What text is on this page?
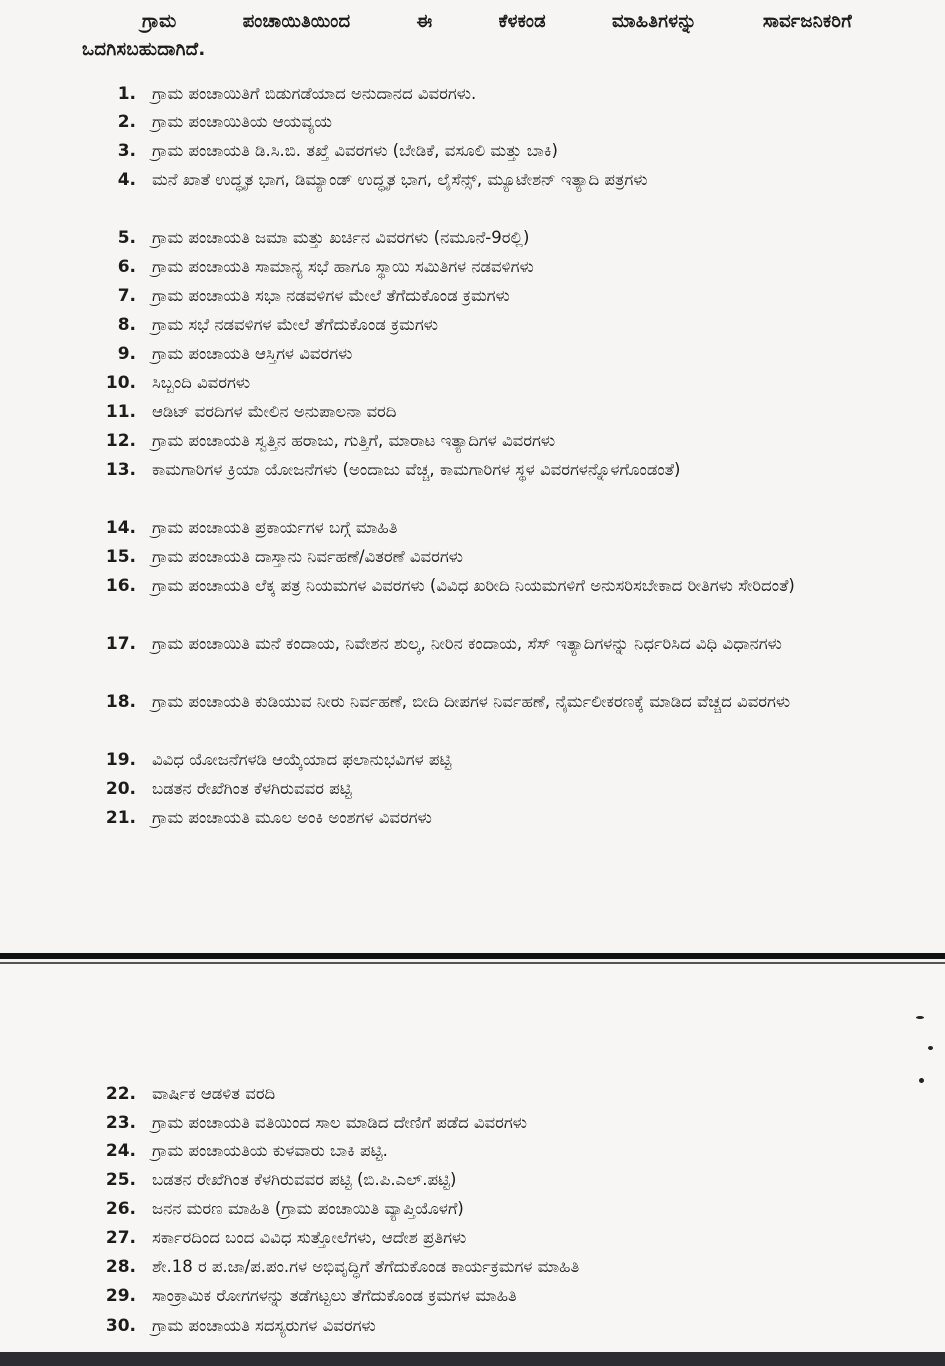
ಗ್ರಾಮ ಪಂಚಾಯಿತಿಯಿಂದ ಈ ಕೆಳಕಂಡ ಮಾಹಿತಿಗಳನ್ನು ಸಾರ್ವಜನಿಕರಿಗೆ
ಒದಗಿಸಬಹುದಾಗಿದೆ.
1. ಗ್ರಾಮ ಪಂಚಾಯಿತಿಗೆ ಬಿಡುಗಡೆಯಾದ ಅನುದಾನದ ವಿವರಗಳು.
2. ಗ್ರಾಮ ಪಂಚಾಯಿತಿಯ ಆಯವ್ಯಯ
3. ಗ್ರಾಮ ಪಂಚಾಯತಿ ಡಿ.ಸಿ.ಬಿ. ತಖ್ತೆ ವಿವರಗಳು (ಬೇಡಿಕೆ, ವಸೂಲಿ ಮತ್ತು ಬಾಕಿ)
4. ಮನೆ ಖಾತೆ ಉದ್ಧೃತ ಭಾಗ, ಡಿಮ್ಯಾಂಡ್ ಉದ್ಧೃತ ಭಾಗ, ಲೈಸೆನ್ಸ್, ಮ್ಯೂಟೇಶನ್ ಇತ್ಯಾದಿ ಪತ್ರಗಳು
5. ಗ್ರಾಮ ಪಂಚಾಯತಿ ಜಮಾ ಮತ್ತು ಖರ್ಚಿನ ವಿವರಗಳು (ನಮೂನೆ-9ರಲ್ಲಿ)
6. ಗ್ರಾಮ ಪಂಚಾಯತಿ ಸಾಮಾನ್ಯ ಸಭೆ ಹಾಗೂ ಸ್ಥಾಯಿ ಸಮಿತಿಗಳ ನಡವಳಿಗಳು
7. ಗ್ರಾಮ ಪಂಚಾಯತಿ ಸಭಾ ನಡವಳಿಗಳ ಮೇಲೆ ತೆಗೆದುಕೊಂಡ ಕ್ರಮಗಳು
8. ಗ್ರಾಮ ಸಭೆ ನಡವಳಿಗಳ ಮೇಲೆ ತೆಗೆದುಕೊಂಡ ಕ್ರಮಗಳು
9. ಗ್ರಾಮ ಪಂಚಾಯತಿ ಆಸ್ತಿಗಳ ವಿವರಗಳು
10. ಸಿಬ್ಬಂದಿ ವಿವರಗಳು
11. ಆಡಿಟ್ ವರದಿಗಳ ಮೇಲಿನ ಅನುಪಾಲನಾ ವರದಿ
12. ಗ್ರಾಮ ಪಂಚಾಯತಿ ಸ್ವತ್ತಿನ ಹರಾಜು, ಗುತ್ತಿಗೆ, ಮಾರಾಟ ಇತ್ಯಾದಿಗಳ ವಿವರಗಳು
13. ಕಾಮಗಾರಿಗಳ ಕ್ರಿಯಾ ಯೋಜನೆಗಳು (ಅಂದಾಜು ವೆಚ್ಚ, ಕಾಮಗಾರಿಗಳ ಸ್ಥಳ ವಿವರಗಳನ್ನೊಳಗೊಂಡಂತೆ)
14. ಗ್ರಾಮ ಪಂಚಾಯತಿ ಪ್ರಕಾರ್ಯಗಳ ಬಗ್ಗೆ ಮಾಹಿತಿ
15. ಗ್ರಾಮ ಪಂಚಾಯತಿ ದಾಸ್ತಾನು ನಿರ್ವಹಣೆ/ವಿತರಣೆ ವಿವರಗಳು
16. ಗ್ರಾಮ ಪಂಚಾಯತಿ ಲೆಕ್ಕ ಪತ್ರ ನಿಯಮಗಳ ವಿವರಗಳು (ವಿವಿಧ ಖರೀದಿ ನಿಯಮಗಳಿಗೆ ಅನುಸರಿಸಬೇಕಾದ ರೀತಿಗಳು ಸೇರಿದಂತೆ)
17. ಗ್ರಾಮ ಪಂಚಾಯಿತಿ ಮನೆ ಕಂದಾಯ, ನಿವೇಶನ ಶುಲ್ಕ, ನೀರಿನ ಕಂದಾಯ, ಸೆಸ್ ಇತ್ಯಾದಿಗಳನ್ನು ನಿರ್ಧರಿಸಿದ ವಿಧಿ ವಿಧಾನಗಳು
18. ಗ್ರಾಮ ಪಂಚಾಯತಿ ಕುಡಿಯುವ ನೀರು ನಿರ್ವಹಣೆ, ಬೀದಿ ದೀಪಗಳ ನಿರ್ವಹಣೆ, ನೈರ್ಮಲೀಕರಣಕ್ಕೆ ಮಾಡಿದ ವೆಚ್ಚದ ವಿವರಗಳು
19. ವಿವಿಧ ಯೋಜನೆಗಳಡಿ ಆಯ್ಕೆಯಾದ ಫಲಾನುಭವಿಗಳ ಪಟ್ಟಿ
20. ಬಡತನ ರೇಖೆಗಿಂತ ಕೆಳಗಿರುವವರ ಪಟ್ಟಿ
21. ಗ್ರಾಮ ಪಂಚಾಯತಿ ಮೂಲ ಅಂಕಿ ಅಂಶಗಳ ವಿವರಗಳು
22. ವಾರ್ಷಿಕ ಆಡಳಿತ ವರದಿ
23. ಗ್ರಾಮ ಪಂಚಾಯತಿ ವತಿಯಿಂದ ಸಾಲ ಮಾಡಿದ ದೇಣಿಗೆ ಪಡೆದ ವಿವರಗಳು
24. ಗ್ರಾಮ ಪಂಚಾಯತಿಯ ಕುಳವಾರು ಬಾಕಿ ಪಟ್ಟಿ.
25. ಬಡತನ ರೇಖೆಗಿಂತ ಕೆಳಗಿರುವವರ ಪಟ್ಟಿ (ಬಿ.ಪಿ.ಎಲ್.ಪಟ್ಟಿ)
26. ಜನನ ಮರಣ ಮಾಹಿತಿ (ಗ್ರಾಮ ಪಂಚಾಯಿತಿ ವ್ಯಾಪ್ತಿಯೊಳಗೆ)
27. ಸರ್ಕಾರದಿಂದ ಬಂದ ವಿವಿಧ ಸುತ್ತೋಲೆಗಳು, ಆದೇಶ ಪ್ರತಿಗಳು
28. ಶೇ.18 ರ ಪ.ಜಾ/ಪ.ಪಂ.ಗಳ ಅಭಿವೃದ್ಧಿಗೆ ತೆಗೆದುಕೊಂಡ ಕಾರ್ಯಕ್ರಮಗಳ ಮಾಹಿತಿ
29. ಸಾಂಕ್ರಾಮಿಕ ರೋಗಗಳನ್ನು ತಡೆಗಟ್ಟಲು ತೆಗೆದುಕೊಂಡ ಕ್ರಮಗಳ ಮಾಹಿತಿ
30. ಗ್ರಾಮ ಪಂಚಾಯತಿ ಸದಸ್ಯರುಗಳ ವಿವರಗಳು
